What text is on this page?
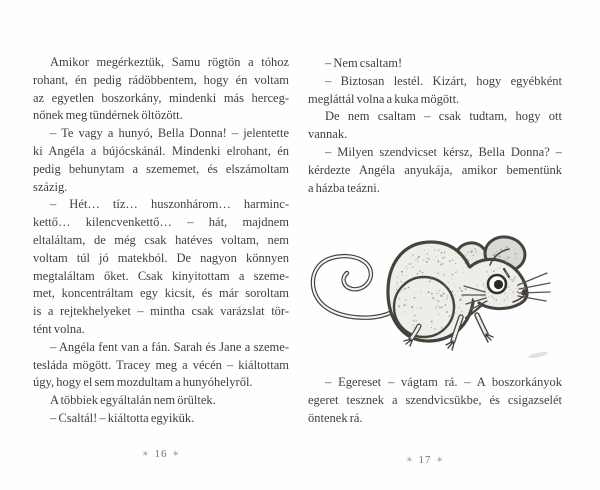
Amikor megérkeztük, Samu rögtön a tóhoz
rohant, én pedig rádöbbentem, hogy én voltam
az egyetlen boszorkány, mindenki más herceg-
nőnek meg tündérnek öltözött.
– Te vagy a hunyó, Bella Donna! – jelentette
ki Angéla a bújócskánál. Mindenki elrohant, én
pedig behunytam a szememet, és elszámoltam
százig.
– Hét… tíz… huszonhárom… harminc-
kettő… kilencvenkettő… – hát, majdnem
eltaláltam, de még csak hatéves voltam, nem
voltam túl jó matekból. De nagyon könnyen
megtaláltam őket. Csak kinyitottam a szeme-
met, koncentráltam egy kicsit, és már soroltam
is a rejtekhelyeket – mintha csak varázslat tör-
tént volna.
– Angéla fent van a fán. Sarah és Jane a szeme-
tesláda mögött. Tracey meg a vécén – kiáltottam
úgy, hogy el sem mozdultam a hunyóhelyről.
A többiek egyáltalán nem örültek.
– Csaltál! – kiáltotta egyikük.
– Nem csaltam!
– Biztosan lestél. Kizárt, hogy egyébként
megláttál volna a kuka mögött.
De nem csaltam – csak tudtam, hogy ott
vannak.
– Milyen szendvicset kérsz, Bella Donna? –
kérdezte Angéla anyukája, amikor bementünk
a házba teázni.
– Egereset – vágtam rá. – A boszorkányok
egeret tesznek a szendvicsükbe, és csigazselét
öntenek rá.
✳ 16 ✳
✳ 17 ✳
